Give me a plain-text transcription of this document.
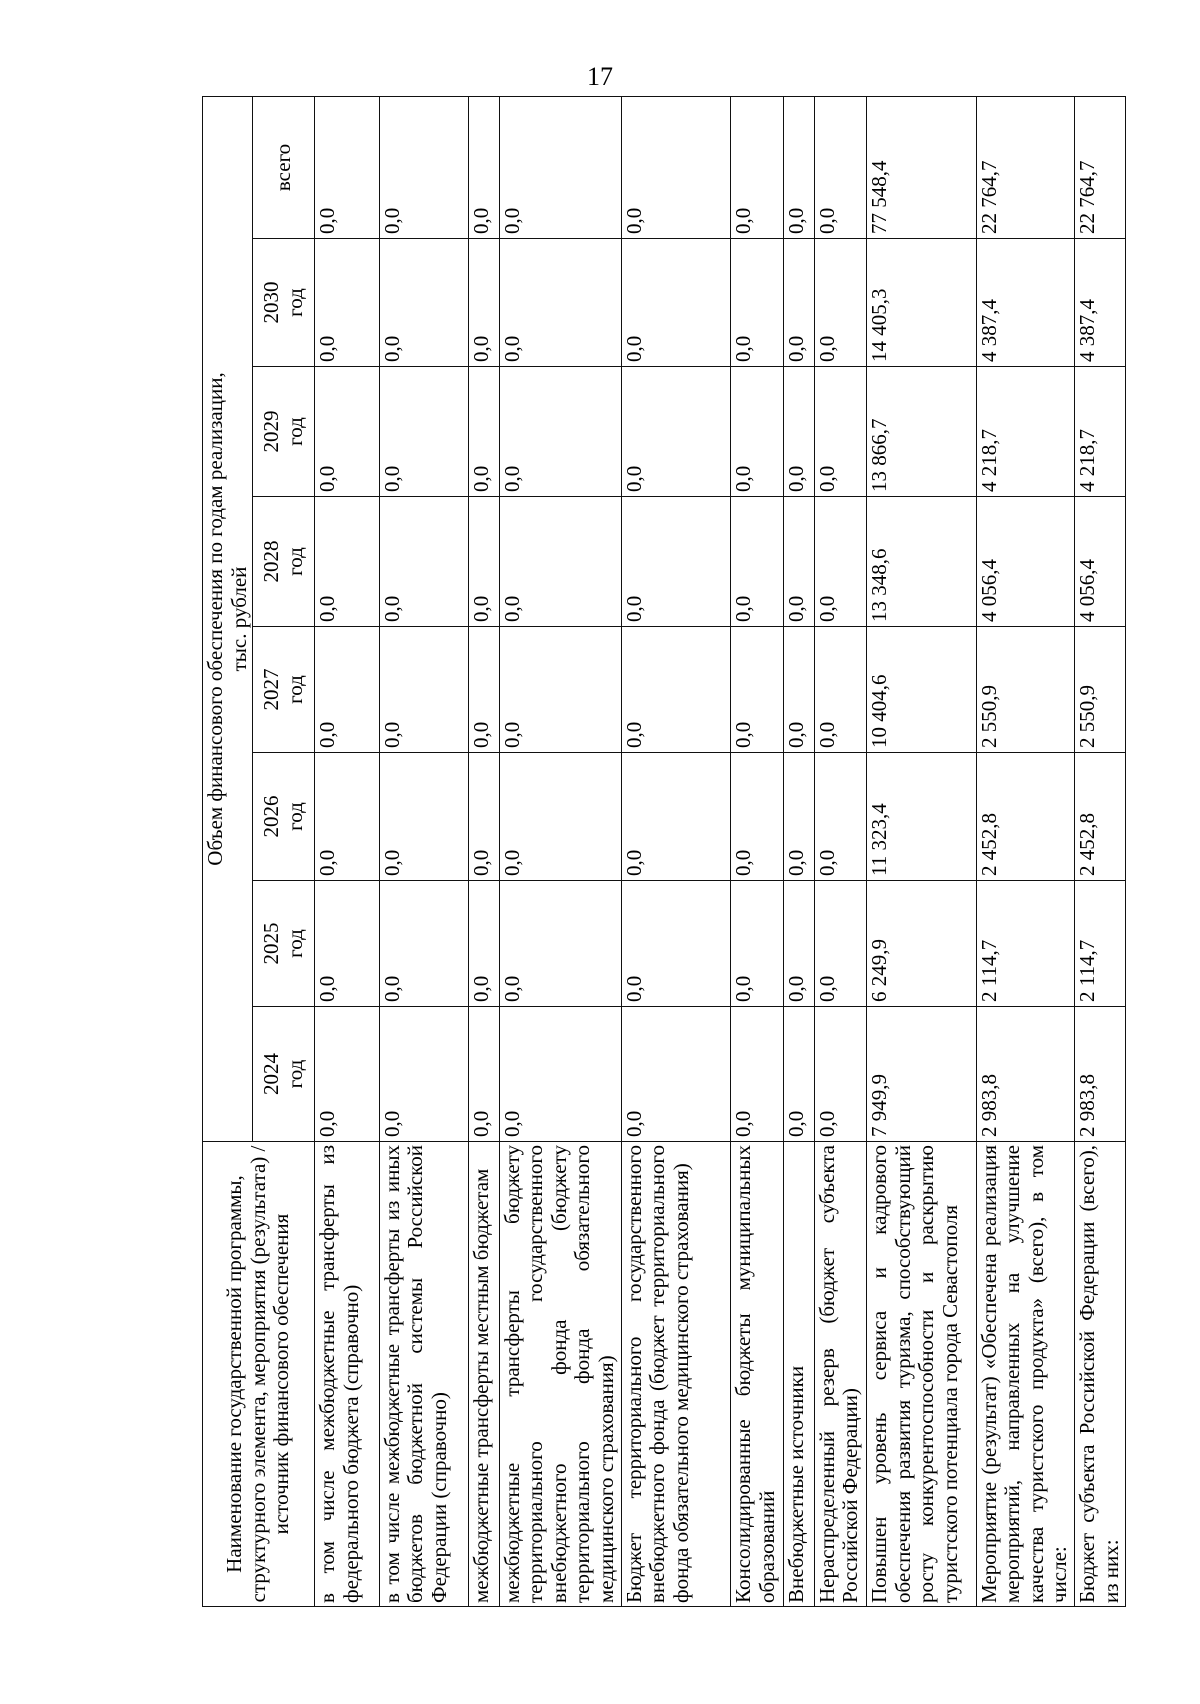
17
Наименование государственной программы, структурного элемента, мероприятия (результата) / источник финансового обеспечения	Объем финансового обеспечения по годам реализации, тыс. рублей							

	2024 год	2025 год	2026 год	2027 год	2028 год	2029 год	2030 год	всего
в том числе межбюджетные трансферты из федерального бюджета (справочно)	0,0	0,0	0,0	0,0	0,0	0,0	0,0	0,0
в том числе межбюджетные трансферты из иных бюджетов бюджетной системы Российской Федерации (справочно)	0,0	0,0	0,0	0,0	0,0	0,0	0,0	0,0
межбюджетные трансферты местным бюджетам	0,0	0,0	0,0	0,0	0,0	0,0	0,0	0,0
межбюджетные трансферты бюджету территориального государственного внебюджетного фонда (бюджету территориального фонда обязательного медицинского страхования)	0,0	0,0	0,0	0,0	0,0	0,0	0,0	0,0
Бюджет территориального государственного внебюджетного фонда (бюджет территориального фонда обязательного медицинского страхования)	0,0	0,0	0,0	0,0	0,0	0,0	0,0	0,0
Консолидированные бюджеты муниципальных образований	0,0	0,0	0,0	0,0	0,0	0,0	0,0	0,0
Внебюджетные источники	0,0	0,0	0,0	0,0	0,0	0,0	0,0	0,0
Нераспределенный резерв (бюджет субъекта Российской Федерации)	0,0	0,0	0,0	0,0	0,0	0,0	0,0	0,0
Повышен уровень сервиса и кадрового обеспечения развития туризма, способствующий росту конкурентоспособности и раскрытию туристского потенциала города Севастополя	7 949,9	6 249,9	11 323,4	10 404,6	13 348,6	13 866,7	14 405,3	77 548,4
Мероприятие (результат) «Обеспечена реализация мероприятий, направленных на улучшение качества туристского продукта» (всего), в том числе:	2 983,8	2 114,7	2 452,8	2 550,9	4 056,4	4 218,7	4 387,4	22 764,7
Бюджет субъекта Российской Федерации (всего), из них:	2 983,8	2 114,7	2 452,8	2 550,9	4 056,4	4 218,7	4 387,4	22 764,7
